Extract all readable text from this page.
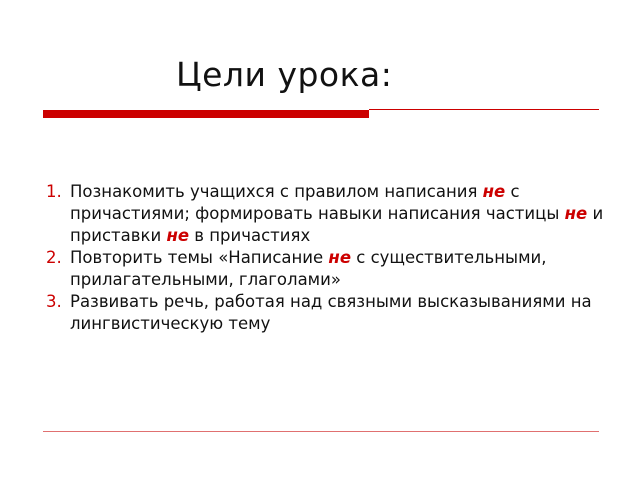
Цели урока:
1. Познакомить учащихся с правилом написания не с причастиями; формировать навыки написания частицы не и приставки не в причастиях
2. Повторить темы «Написание не с существительными, прилагательными, глаголами»
3. Развивать речь, работая над связными высказываниями на лингвистическую тему
